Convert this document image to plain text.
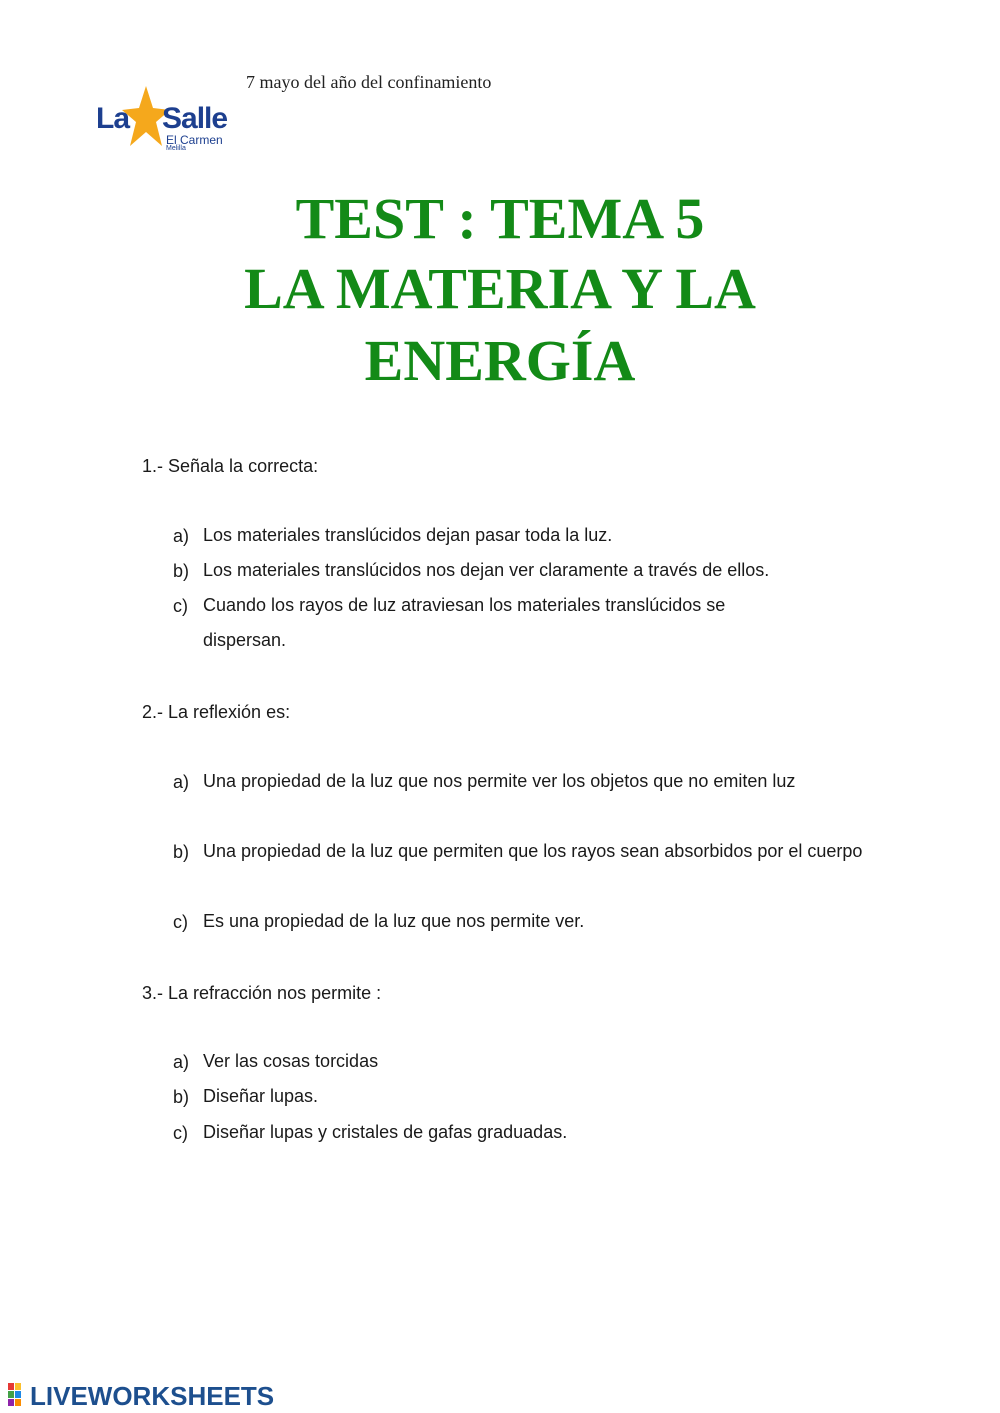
7 mayo del año del confinamiento
La Salle
El Carmen
Melilla
TEST : TEMA 5
LA MATERIA Y LA
ENERGÍA
1.- Señala la correcta:
a) Los materiales translúcidos dejan pasar toda la luz.
b) Los materiales translúcidos nos dejan ver claramente a través de ellos.
c) Cuando los rayos de luz atraviesan los materiales translúcidos se dispersan.
2.- La reflexión es:
a) Una propiedad de la luz que nos permite ver los objetos que no emiten luz
b) Una propiedad de la luz que permiten que los rayos sean absorbidos por el cuerpo
c) Es una propiedad de la luz que nos permite ver.
3.- La refracción nos permite :
a) Ver las cosas torcidas
b) Diseñar lupas.
c) Diseñar lupas y cristales de gafas graduadas.
LIVEWORKSHEETS
